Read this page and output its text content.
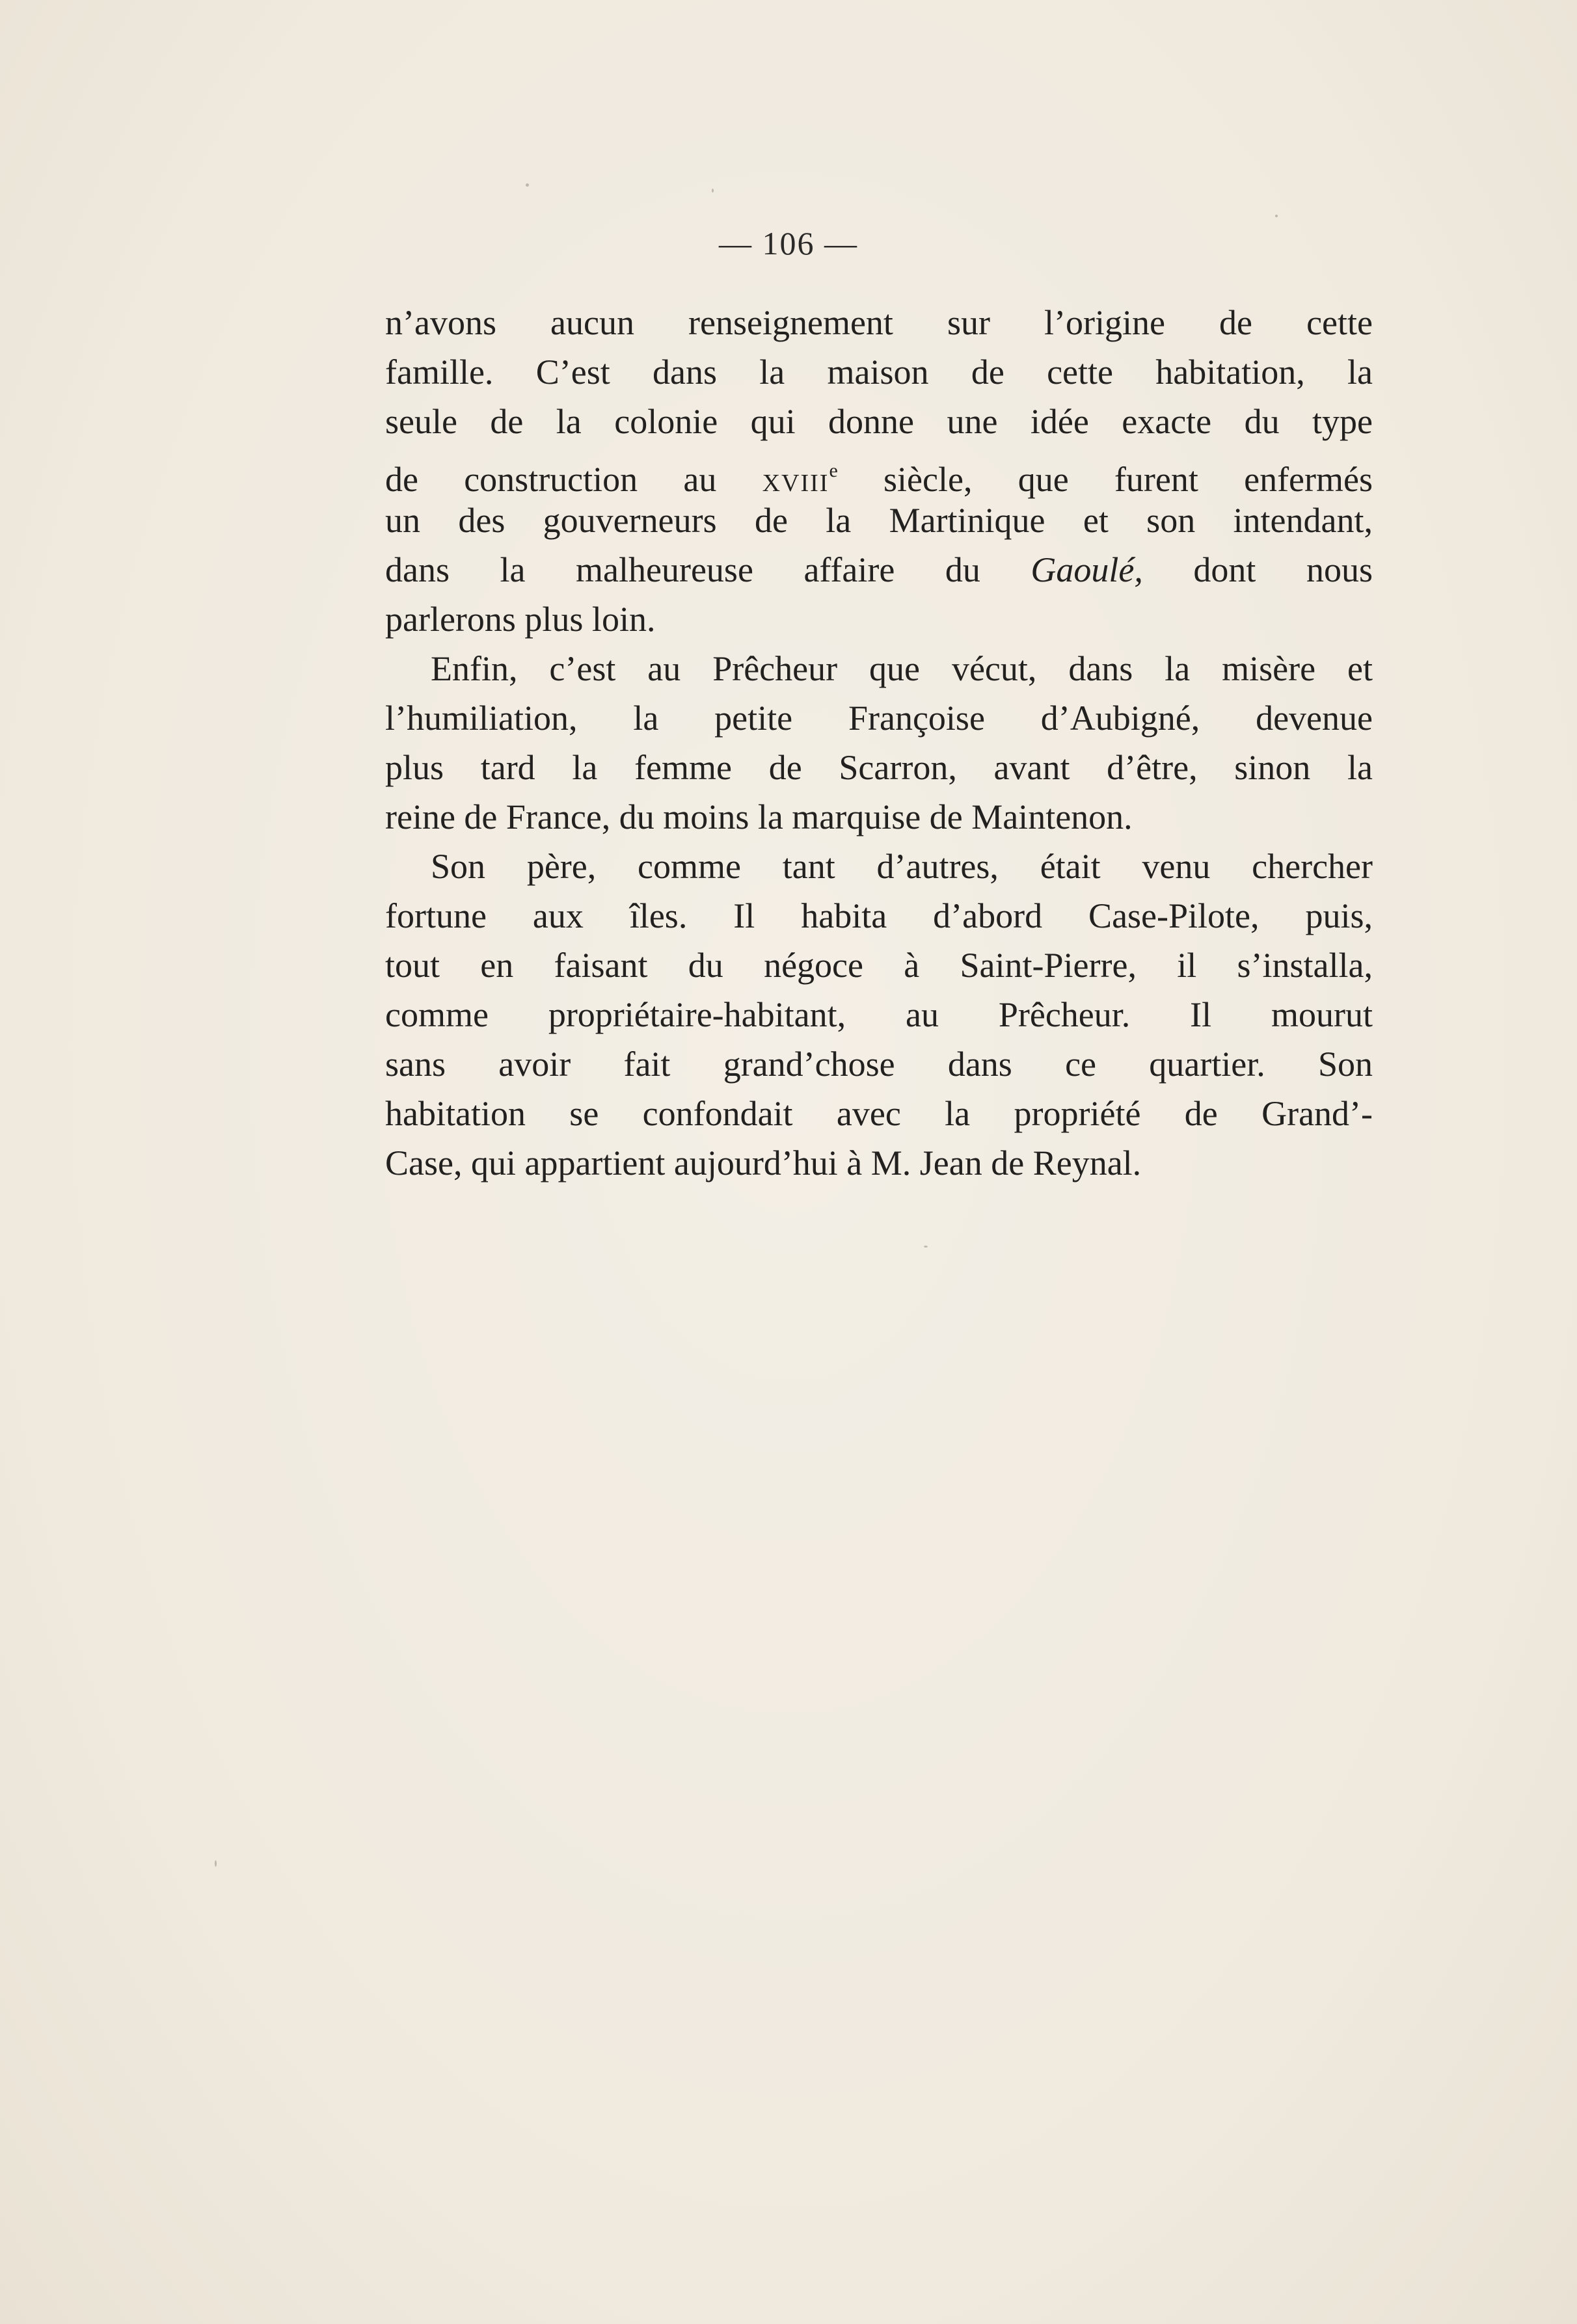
— 106 —
n’avons aucun renseignement sur l’origine de cette
famille. C’est dans la maison de cette habitation, la
seule de la colonie qui donne une idée exacte du type
de construction au xviii$^e$ siècle, que furent enfermés
un des gouverneurs de la Martinique et son intendant,
dans la malheureuse affaire du Gaoulé, dont nous
parlerons plus loin.
Enfin, c’est au Prêcheur que vécut, dans la misère et
l’humiliation, la petite Françoise d’Aubigné, devenue
plus tard la femme de Scarron, avant d’être, sinon la
reine de France, du moins la marquise de Maintenon.
Son père, comme tant d’autres, était venu chercher
fortune aux îles. Il habita d’abord Case-Pilote, puis,
tout en faisant du négoce à Saint-Pierre, il s’installa,
comme propriétaire-habitant, au Prêcheur. Il mourut
sans avoir fait grand’chose dans ce quartier. Son
habitation se confondait avec la propriété de Grand’-
Case, qui appartient aujourd’hui à M. Jean de Reynal.
